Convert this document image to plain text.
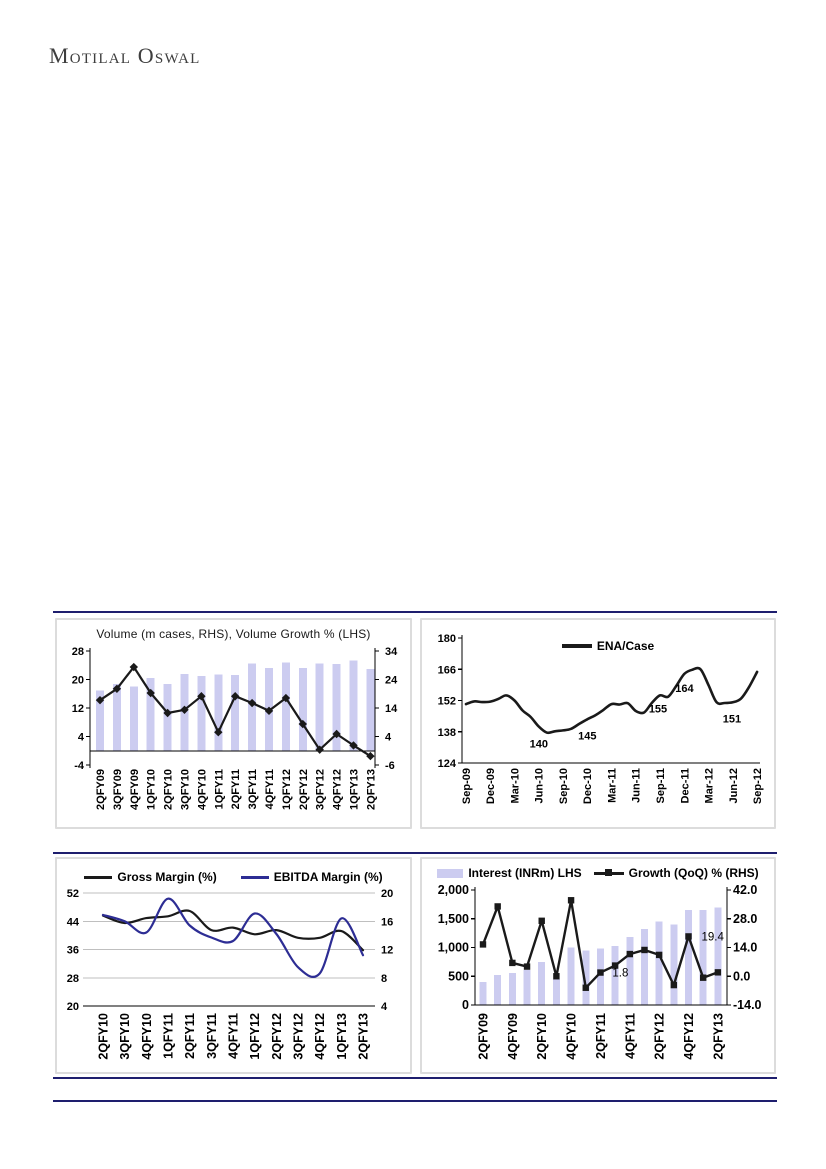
Motilal Oswal
Volume (m cases, RHS), Volume Growth % (LHS)
28
20
12
4
-4
34
24
14
4
-6
2QFY09 3QFY09 4QFY09 1QFY10 2QFY10 3QFY10 4QFY10 1QFY11 2QFY11 3QFY11 4QFY11 1QFY12 2QFY12 3QFY12 4QFY12 1QFY13 2QFY13
ENA/Case
140
145
155
164
151
180
166
152
138
124
Sep-09 Dec-09 Mar-10 Jun-10 Sep-10 Dec-10 Mar-11 Jun-11 Sep-11 Dec-11 Mar-12 Jun-12 Sep-12
Gross Margin (%)	EBITDA Margin (%)
52
44
36
28
20
20
16
12
8
4
2QFY10 3QFY10 4QFY10 1QFY11 2QFY11 3QFY11 4QFY11 1QFY12 2QFY12 3QFY12 4QFY12 1QFY13 2QFY13
Interest (INRm) LHS	Growth (QoQ) % (RHS)
1.8
19.4
2,000
1,500
1,000
500
0
42.0
28.0
14.0
0.0
-14.0
2QFY09 4QFY09 2QFY10 4QFY10 2QFY11 4QFY11 2QFY12 4QFY12 2QFY13
